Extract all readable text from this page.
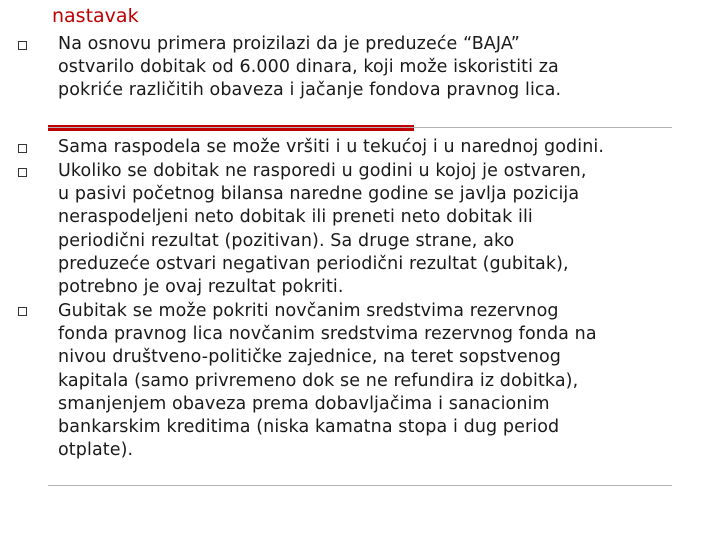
nastavak
Na osnovu primera proizilazi da je preduzeće “BAJA”
ostvarilo dobitak od 6.000 dinara, koji može iskoristiti za
pokriće različitih obaveza i jačanje fondova pravnog lica.
Sama raspodela se može vršiti i u tekućoj i u narednoj godini.
Ukoliko se dobitak ne rasporedi u godini u kojoj je ostvaren,
u pasivi početnog bilansa naredne godine se javlja pozicija
neraspodeljeni neto dobitak ili preneti neto dobitak ili
periodični rezultat (pozitivan). Sa druge strane, ako
preduzeće ostvari negativan periodični rezultat (gubitak),
potrebno je ovaj rezultat pokriti.
Gubitak se može pokriti novčanim sredstvima rezervnog
fonda pravnog lica novčanim sredstvima rezervnog fonda na
nivou društveno-političke zajednice, na teret sopstvenog
kapitala (samo privremeno dok se ne refundira iz dobitka),
smanjenjem obaveza prema dobavljačima i sanacionim
bankarskim kreditima (niska kamatna stopa i dug period
otplate).
